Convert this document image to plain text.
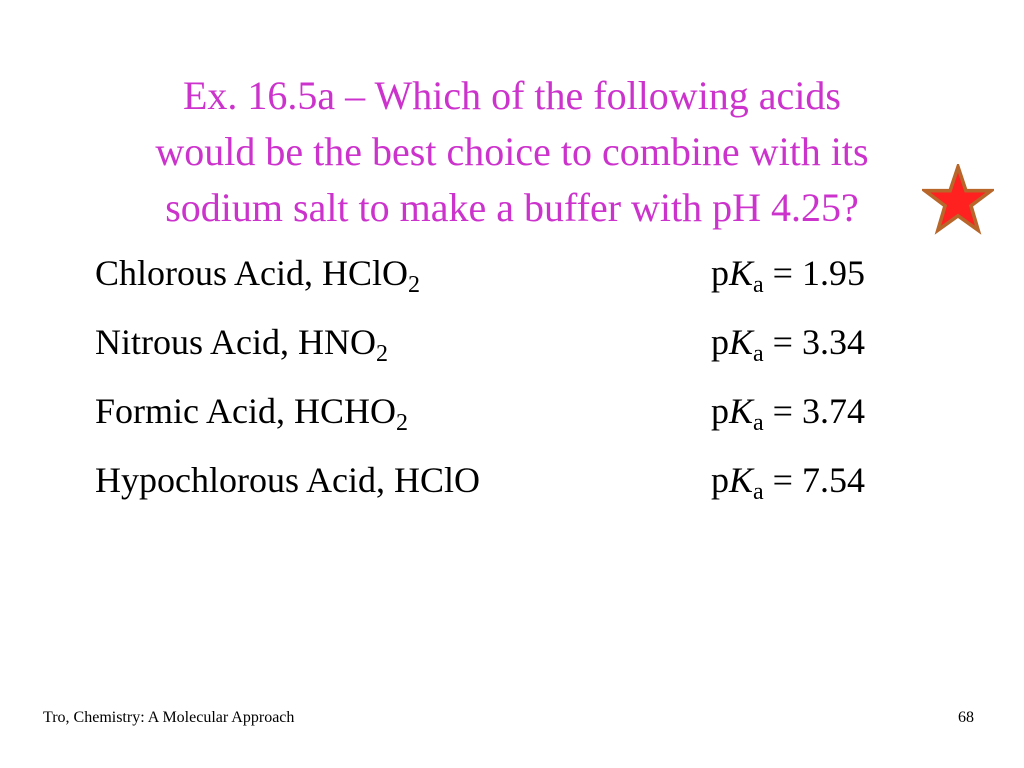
Ex. 16.5a – Which of the following acids
would be the best choice to combine with its
sodium salt to make a buffer with pH 4.25?
Chlorous Acid, HClO$_2$	$pK_a = 1.95$
Nitrous Acid, $HNO_2$	$pK_a = 3.34$
Formic Acid, $HCHO_2$	$pK_a = 3.74$
Hypochlorous Acid, HClO	$pK_a = 7.54$
Tro, Chemistry: A Molecular Approach	68
